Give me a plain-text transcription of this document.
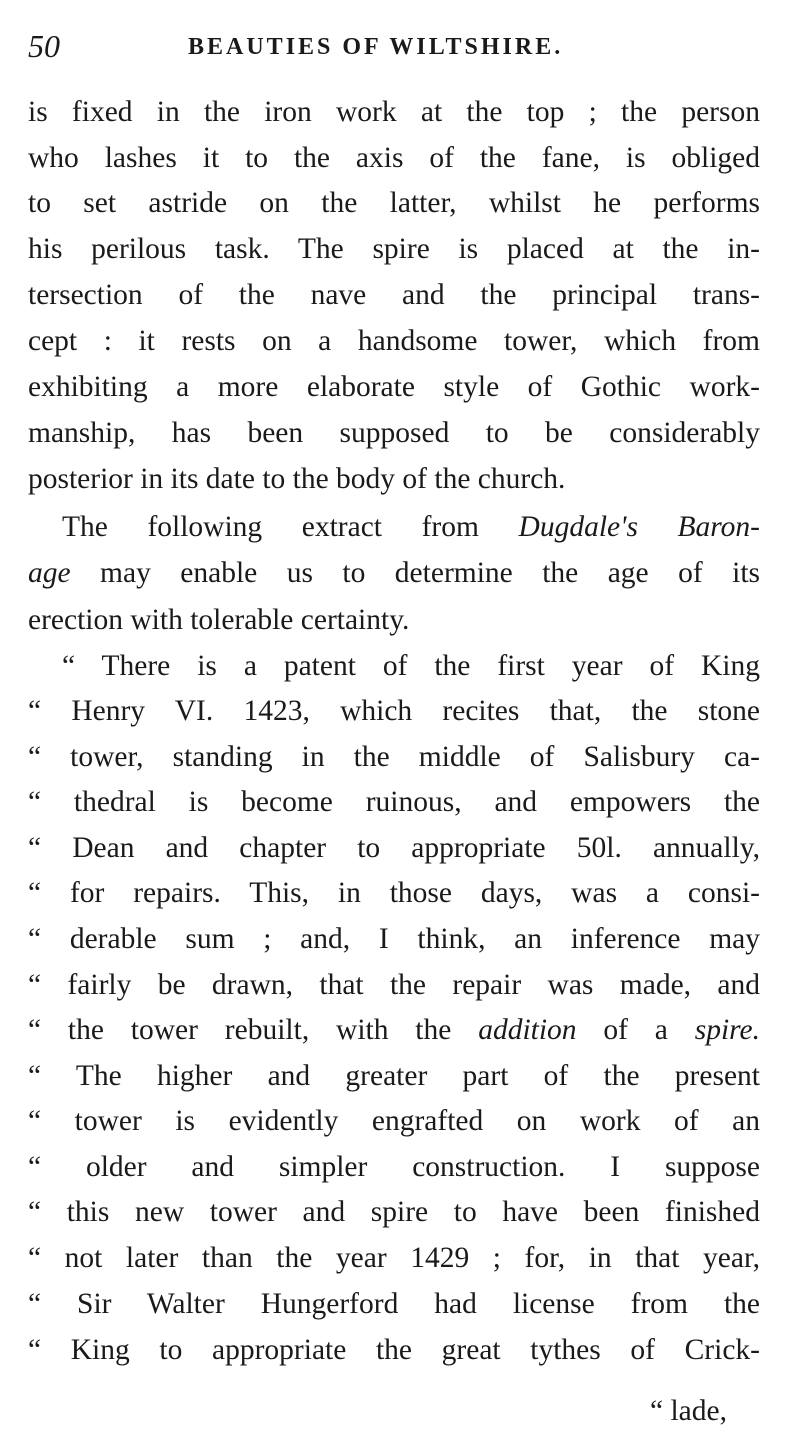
50	BEAUTIES OF WILTSHIRE.
is fixed in the iron work at the top ; the person
who lashes it to the axis of the fane, is obliged
to set astride on the latter, whilst he performs
his perilous task. The spire is placed at the in-
tersection of the nave and the principal trans-
cept : it rests on a handsome tower, which from
exhibiting a more elaborate style of Gothic work-
manship, has been supposed to be considerably
posterior in its date to the body of the church.
The following extract from Dugdale's Baron-
age may enable us to determine the age of its
erection with tolerable certainty.
“ There is a patent of the first year of King
“ Henry VI. 1423, which recites that, the stone
“ tower, standing in the middle of Salisbury ca-
“ thedral is become ruinous, and empowers the
“ Dean and chapter to appropriate 50l. annually,
“ for repairs. This, in those days, was a consi-
“ derable sum ; and, I think, an inference may
“ fairly be drawn, that the repair was made, and
“ the tower rebuilt, with the addition of a spire.
“ The higher and greater part of the present
“ tower is evidently engrafted on work of an
“ older and simpler construction. I suppose
“ this new tower and spire to have been finished
“ not later than the year 1429 ; for, in that year,
“ Sir Walter Hungerford had license from the
“ King to appropriate the great tythes of Crick-
“ lade,
